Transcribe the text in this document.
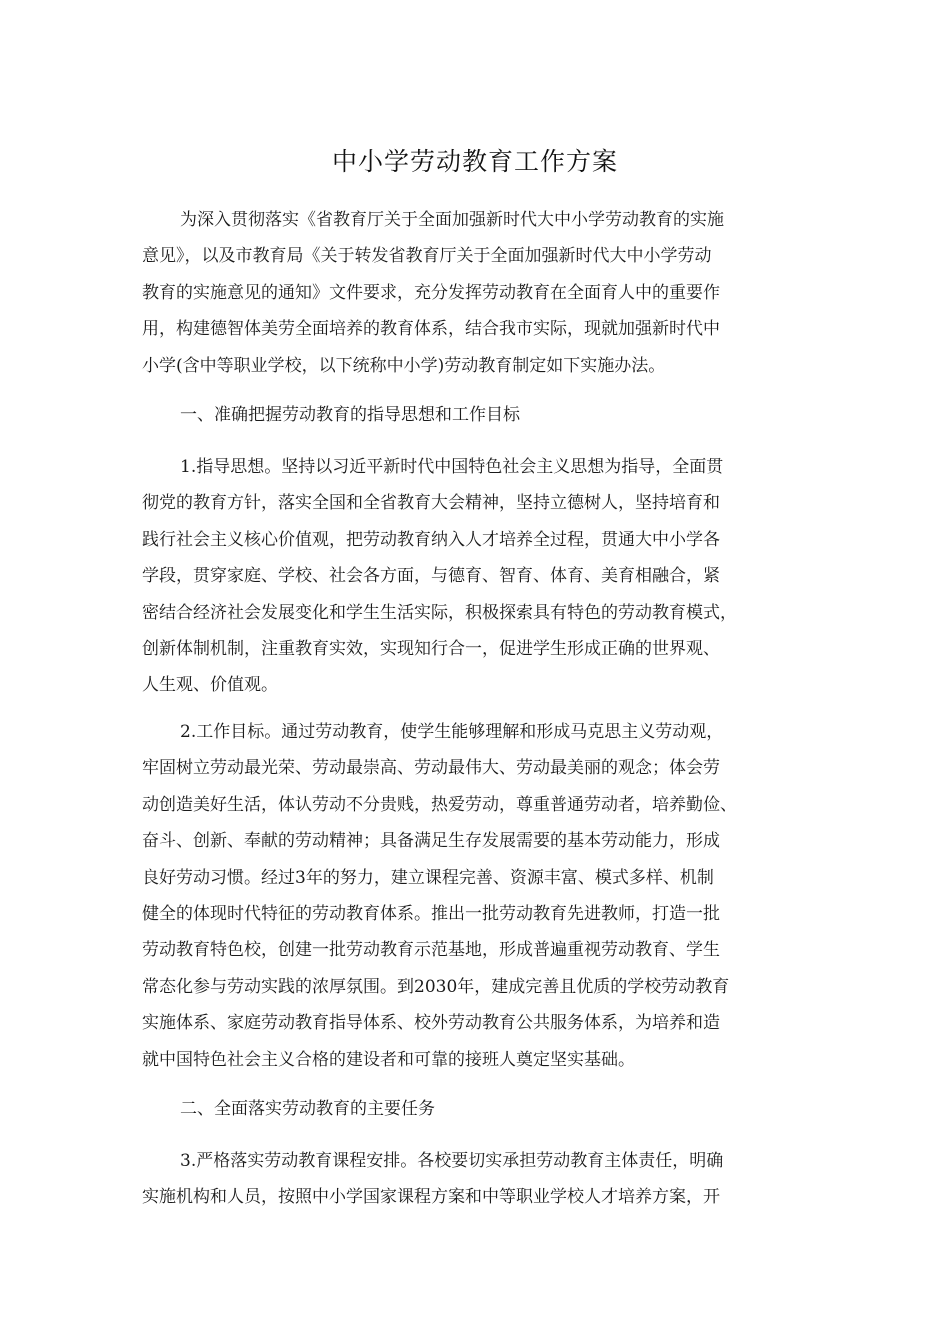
中小学劳动教育工作方案
为深入贯彻落实《省教育厅关于全面加强新时代大中小学劳动教育的实施
意见》，以及市教育局《关于转发省教育厅关于全面加强新时代大中小学劳动
教育的实施意见的通知》文件要求，充分发挥劳动教育在全面育人中的重要作
用，构建德智体美劳全面培养的教育体系，结合我市实际，现就加强新时代中
小学(含中等职业学校，以下统称中小学)劳动教育制定如下实施办法。
一、准确把握劳动教育的指导思想和工作目标
1.指导思想。坚持以习近平新时代中国特色社会主义思想为指导，全面贯
彻党的教育方针，落实全国和全省教育大会精神，坚持立德树人，坚持培育和
践行社会主义核心价值观，把劳动教育纳入人才培养全过程，贯通大中小学各
学段，贯穿家庭、学校、社会各方面，与德育、智育、体育、美育相融合，紧
密结合经济社会发展变化和学生生活实际，积极探索具有特色的劳动教育模式，
创新体制机制，注重教育实效，实现知行合一，促进学生形成正确的世界观、
人生观、价值观。
2.工作目标。通过劳动教育，使学生能够理解和形成马克思主义劳动观，
牢固树立劳动最光荣、劳动最崇高、劳动最伟大、劳动最美丽的观念；体会劳
动创造美好生活，体认劳动不分贵贱，热爱劳动，尊重普通劳动者，培养勤俭、
奋斗、创新、奉献的劳动精神；具备满足生存发展需要的基本劳动能力，形成
良好劳动习惯。经过3年的努力，建立课程完善、资源丰富、模式多样、机制
健全的体现时代特征的劳动教育体系。推出一批劳动教育先进教师，打造一批
劳动教育特色校，创建一批劳动教育示范基地，形成普遍重视劳动教育、学生
常态化参与劳动实践的浓厚氛围。到2030年，建成完善且优质的学校劳动教育
实施体系、家庭劳动教育指导体系、校外劳动教育公共服务体系，为培养和造
就中国特色社会主义合格的建设者和可靠的接班人奠定坚实基础。
二、全面落实劳动教育的主要任务
3.严格落实劳动教育课程安排。各校要切实承担劳动教育主体责任，明确
实施机构和人员，按照中小学国家课程方案和中等职业学校人才培养方案，开
